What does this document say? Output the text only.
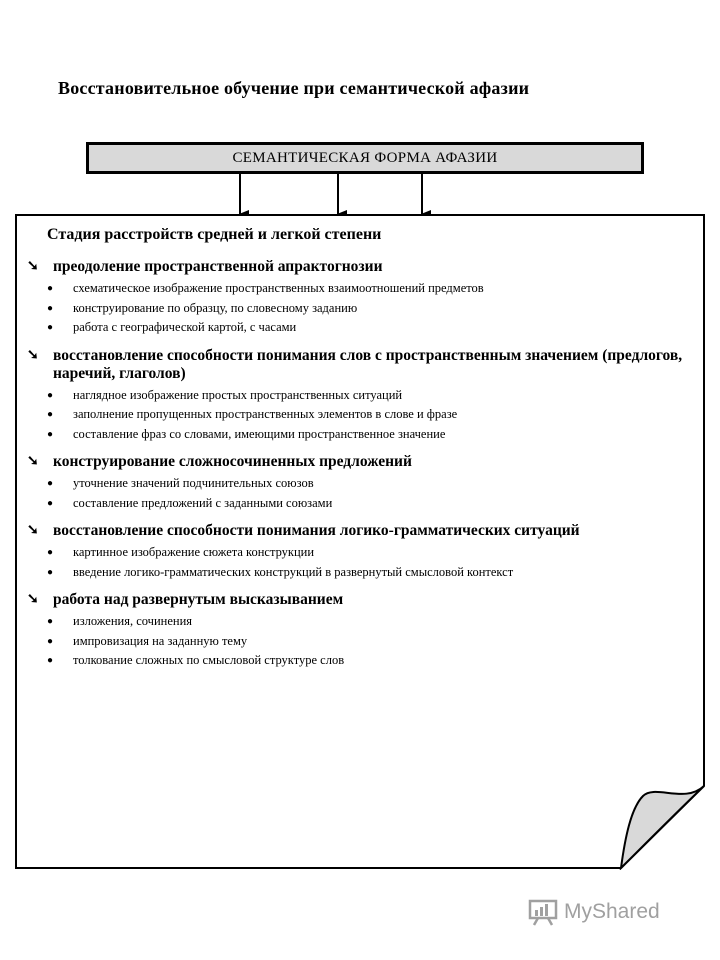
Восстановительное обучение при семантической афазии
СЕМАНТИЧЕСКАЯ ФОРМА АФАЗИИ
Стадия расстройств средней и легкой степени
➘ преодоление пространственной апрактогнозии
●	схематическое изображение пространственных взаимоотношений предметов
●	конструирование по образцу, по словесному заданию
●	работа с географической картой, с часами
➘ восстановление способности понимания слов с пространственным значением (предлогов, наречий, глаголов)
●	наглядное изображение простых пространственных ситуаций
●	заполнение пропущенных пространственных элементов в слове и фразе
●	составление фраз со словами, имеющими пространственное значение
➘ конструирование сложносочиненных предложений
●	уточнение значений подчинительных союзов
●	составление предложений с заданными союзами
➘ восстановление способности понимания логико-грамматических ситуаций
●	картинное изображение сюжета конструкции
●	введение логико-грамматических конструкций в развернутый смысловой контекст
➘ работа над развернутым высказыванием
●	изложения, сочинения
●	импровизация на заданную тему
●	толкование сложных по смысловой структуре слов
MyShared
